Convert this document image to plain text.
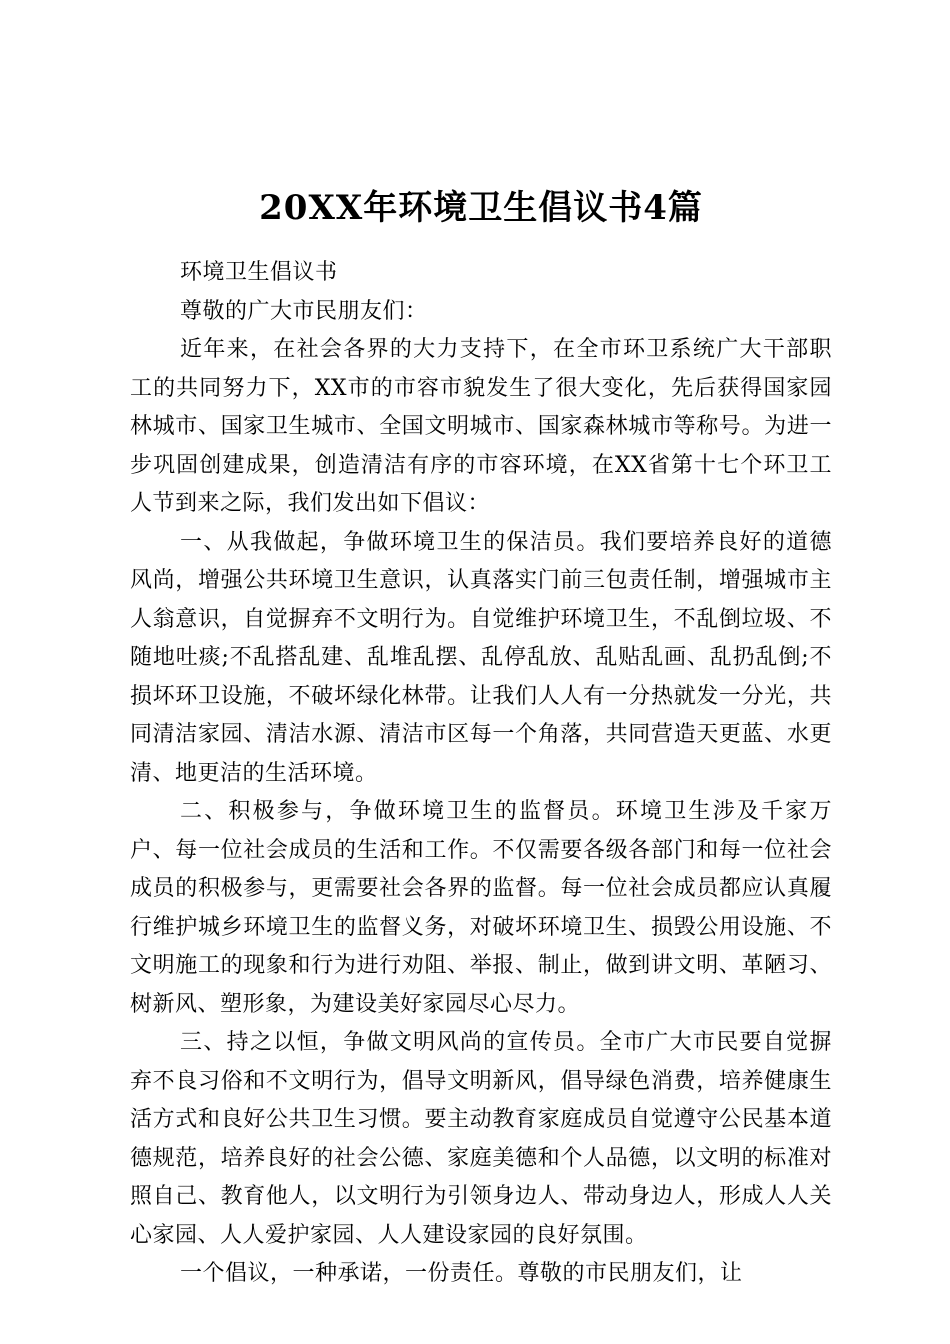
20XX年环境卫生倡议书4篇

环境卫生倡议书

尊敬的广大市民朋友们：

近年来，在社会各界的大力支持下，在全市环卫系统广大干部职工的共同努力下，XX市的市容市貌发生了很大变化，先后获得国家园林城市、国家卫生城市、全国文明城市、国家森林城市等称号。为进一步巩固创建成果，创造清洁有序的市容环境，在XX省第十七个环卫工人节到来之际，我们发出如下倡议：

一、从我做起，争做环境卫生的保洁员。我们要培养良好的道德风尚，增强公共环境卫生意识，认真落实门前三包责任制，增强城市主人翁意识，自觉摒弃不文明行为。自觉维护环境卫生，不乱倒垃圾、不随地吐痰;不乱搭乱建、乱堆乱摆、乱停乱放、乱贴乱画、乱扔乱倒;不损坏环卫设施，不破坏绿化林带。让我们人人有一分热就发一分光，共同清洁家园、清洁水源、清洁市区每一个角落，共同营造天更蓝、水更清、地更洁的生活环境。

二、积极参与，争做环境卫生的监督员。环境卫生涉及千家万户、每一位社会成员的生活和工作。不仅需要各级各部门和每一位社会成员的积极参与，更需要社会各界的监督。每一位社会成员都应认真履行维护城乡环境卫生的监督义务，对破坏环境卫生、损毁公用设施、不文明施工的现象和行为进行劝阻、举报、制止，做到讲文明、革陋习、树新风、塑形象，为建设美好家园尽心尽力。

三、持之以恒，争做文明风尚的宣传员。全市广大市民要自觉摒弃不良习俗和不文明行为，倡导文明新风，倡导绿色消费，培养健康生活方式和良好公共卫生习惯。要主动教育家庭成员自觉遵守公民基本道德规范，培养良好的社会公德、家庭美德和个人品德，以文明的标准对照自己、教育他人，以文明行为引领身边人、带动身边人，形成人人关心家园、人人爱护家园、人人建设家园的良好氛围。

一个倡议，一种承诺，一份责任。尊敬的市民朋友们，让
